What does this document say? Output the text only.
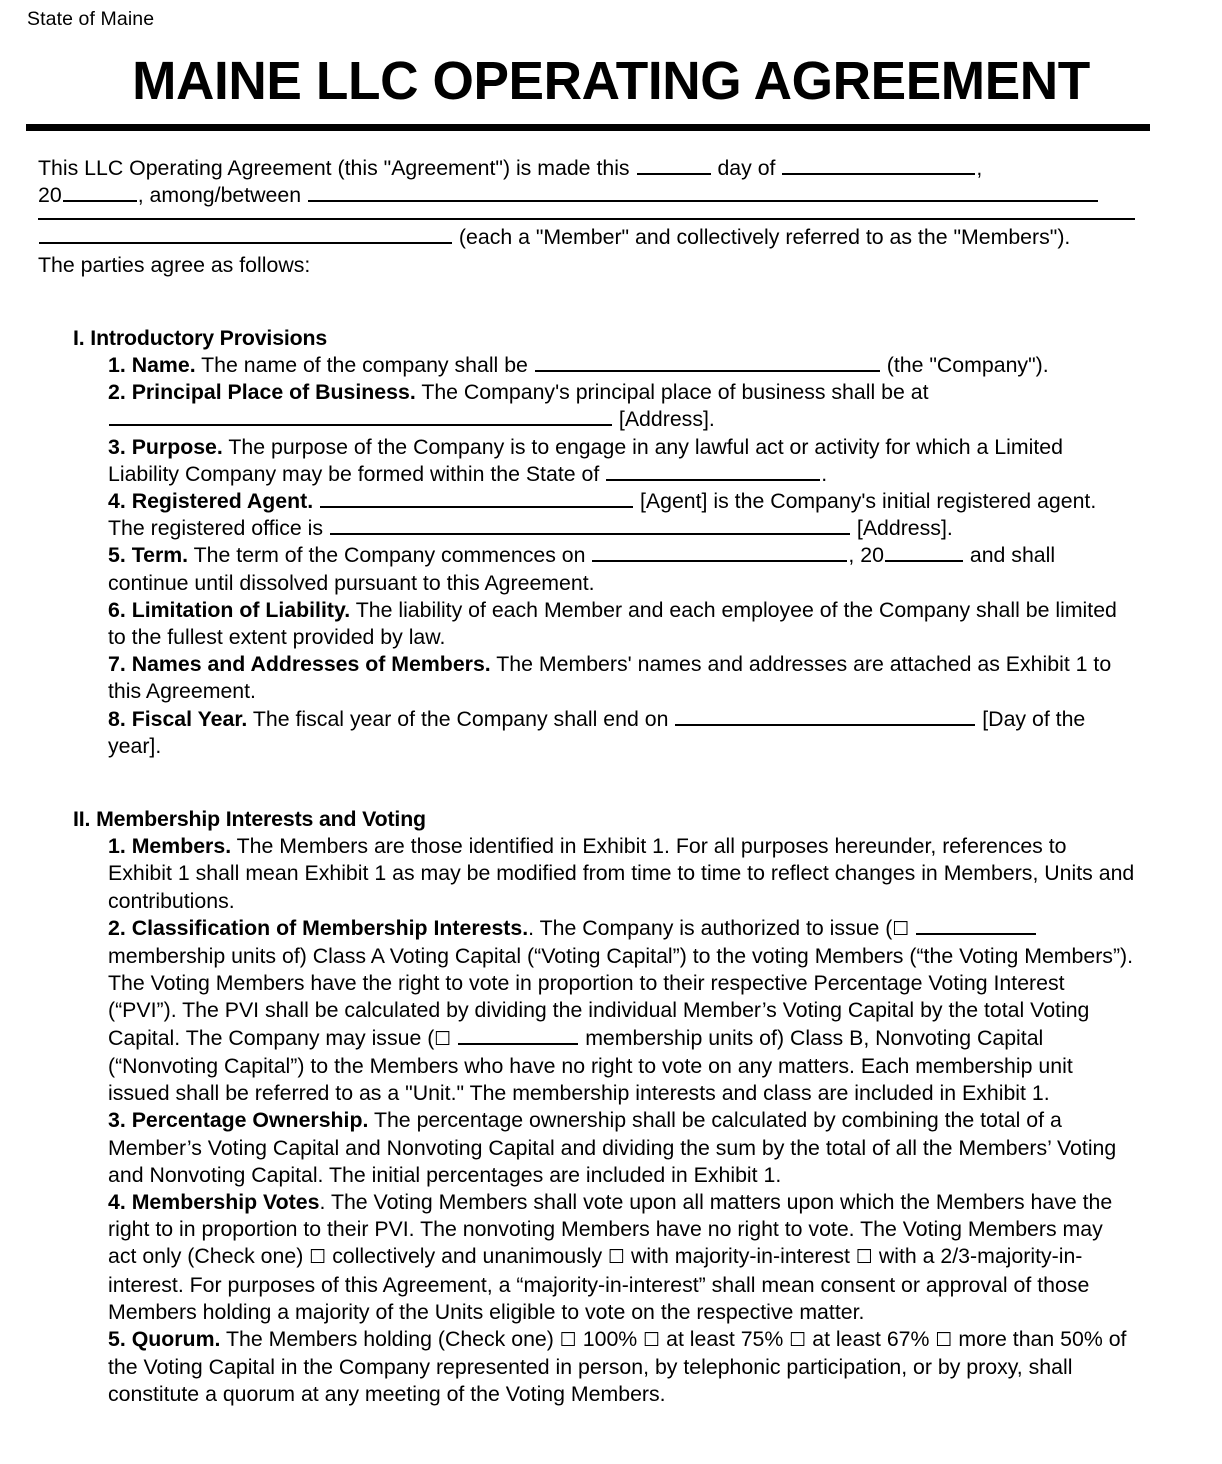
State of Maine
MAINE LLC OPERATING AGREEMENT
This LLC Operating Agreement (this "Agreement") is made this	day of	,
20	, among/between
(each a "Member" and collectively referred to as the "Members").
The parties agree as follows:
I. Introductory Provisions
1. Name. The name of the company shall be	(the "Company").
2. Principal Place of Business. The Company's principal place of business shall be at
[Address].
3. Purpose. The purpose of the Company is to engage in any lawful act or activity for which a Limited Liability Company may be formed within the State of	.
4. Registered Agent.	[Agent] is the Company's initial registered agent. The registered office is	[Address].
5. Term. The term of the Company commences on	, 20	and shall continue until dissolved pursuant to this Agreement.
6. Limitation of Liability. The liability of each Member and each employee of the Company shall be limited to the fullest extent provided by law.
7. Names and Addresses of Members. The Members' names and addresses are attached as Exhibit 1 to this Agreement.
8. Fiscal Year. The fiscal year of the Company shall end on	[Day of the year].
II. Membership Interests and Voting
1. Members. The Members are those identified in Exhibit 1. For all purposes hereunder, references to Exhibit 1 shall mean Exhibit 1 as may be modified from time to time to reflect changes in Members, Units and contributions.
2. Classification of Membership Interests.. The Company is authorized to issue (☐  membership units of) Class A Voting Capital (“Voting Capital”) to the voting Members (“the Voting Members”). The Voting Members have the right to vote in proportion to their respective Percentage Voting Interest (“PVI”). The PVI shall be calculated by dividing the individual Member’s Voting Capital by the total Voting Capital. The Company may issue (☐	membership units of) Class B, Nonvoting Capital (“Nonvoting Capital”) to the Members who have no right to vote on any matters. Each membership unit issued shall be referred to as a "Unit." The membership interests and class are included in Exhibit 1.
3. Percentage Ownership. The percentage ownership shall be calculated by combining the total of a Member’s Voting Capital and Nonvoting Capital and dividing the sum by the total of all the Members’ Voting and Nonvoting Capital. The initial percentages are included in Exhibit 1.
4. Membership Votes. The Voting Members shall vote upon all matters upon which the Members have the right to in proportion to their PVI. The nonvoting Members have no right to vote. The Voting Members may act only (Check one) ☐ collectively and unanimously ☐ with majority-in-interest ☐ with a 2/3-majority-in-interest. For purposes of this Agreement, a “majority-in-interest” shall mean consent or approval of those Members holding a majority of the Units eligible to vote on the respective matter.
5. Quorum. The Members holding (Check one) ☐ 100% ☐ at least 75% ☐ at least 67% ☐ more than 50% of the Voting Capital in the Company represented in person, by telephonic participation, or by proxy, shall constitute a quorum at any meeting of the Voting Members.
